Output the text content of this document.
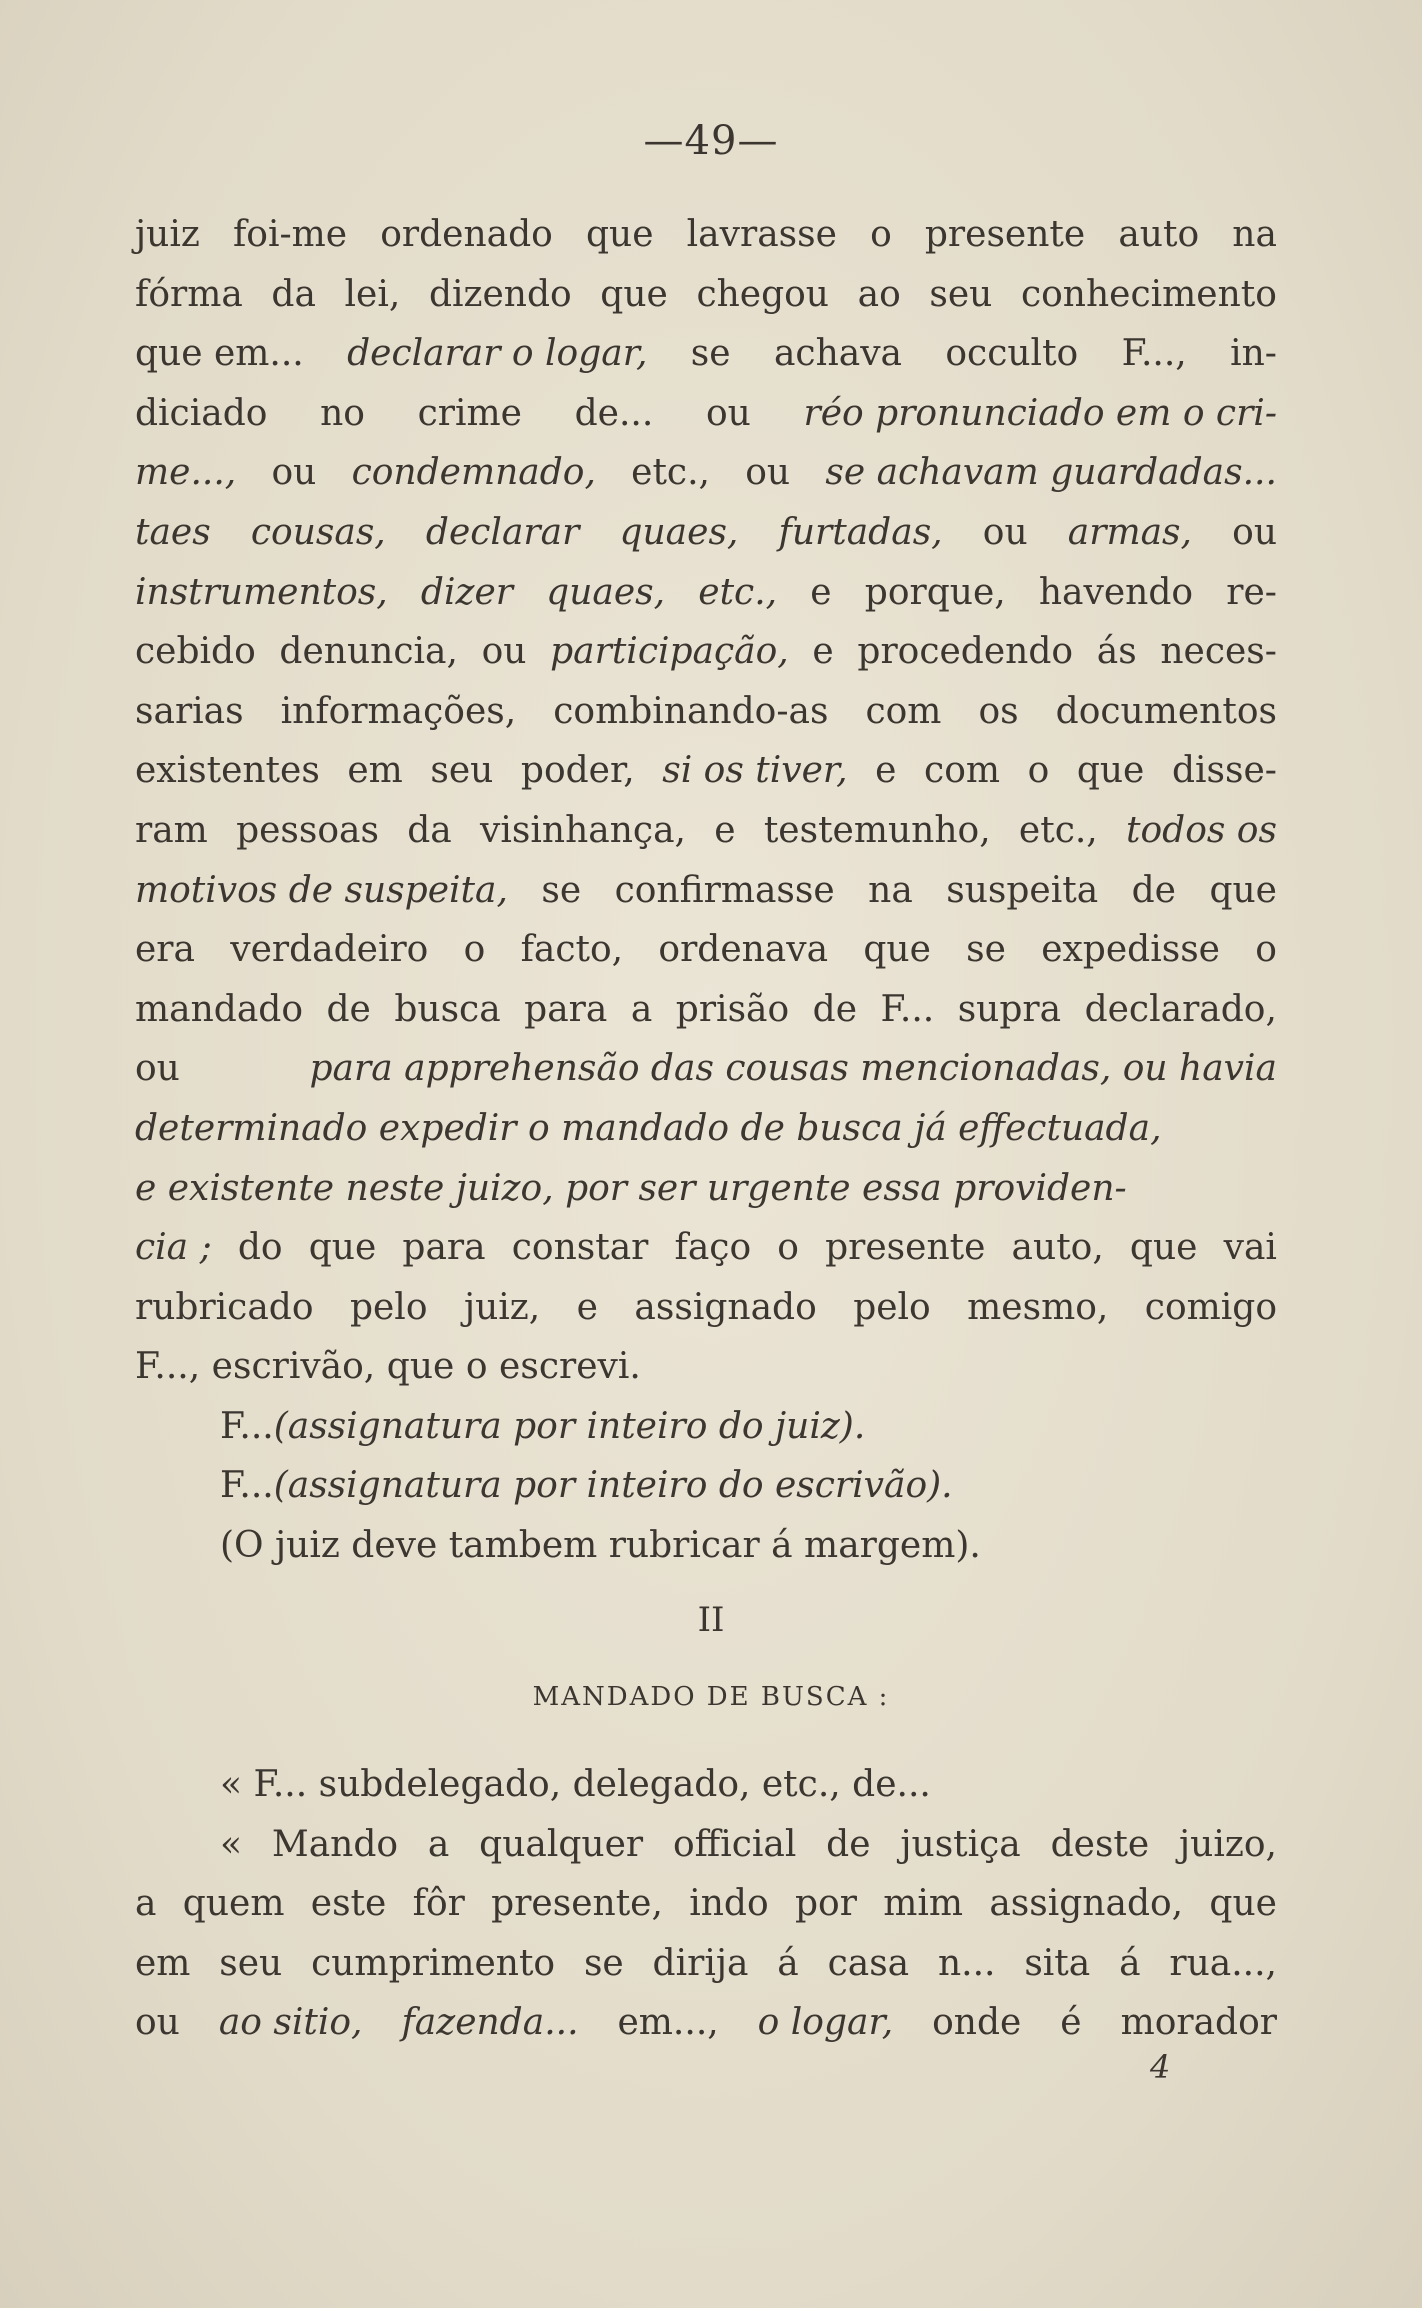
—49—
juiz foi-me ordenado que lavrasse o presente auto na
fórma da lei, dizendo que chegou ao seu conhecimento
que em... declarar o logar, se achava occulto F..., in-
diciado no crime de... ou réo pronunciado em o cri-
me..., ou condemnado, etc., ou se achavam guardadas...
taes cousas, declarar quaes, furtadas, ou armas, ou
instrumentos, dizer quaes, etc., e porque, havendo re-
cebido denuncia, ou participação, e procedendo ás neces-
sarias informações, combinando-as com os documentos
existentes em seu poder, si os tiver, e com o que disse-
ram pessoas da visinhança, e testemunho, etc., todos os
motivos de suspeita, se confirmasse na suspeita de que
era verdadeiro o facto, ordenava que se expedisse o
mandado de busca para a prisão de F... supra declarado,
ou	para apprehensão das cousas mencionadas, ou havia
determinado expedir o mandado de busca já effectuada,
e existente neste juizo, por ser urgente essa providen-
cia ; do que para constar faço o presente auto, que vai
rubricado pelo juiz, e assignado pelo mesmo, comigo
F..., escrivão, que o escrevi.
F... (assignatura por inteiro do juiz).
F... (assignatura por inteiro do escrivão).
(O juiz deve tambem rubricar á margem).
II
MANDADO DE BUSCA :
« F... subdelegado, delegado, etc., de...
« Mando a qualquer official de justiça deste juizo,
a quem este fôr presente, indo por mim assignado, que
em seu cumprimento se dirija á casa n... sita á rua...,
ou ao sitio, fazenda... em..., o logar, onde é morador
4
